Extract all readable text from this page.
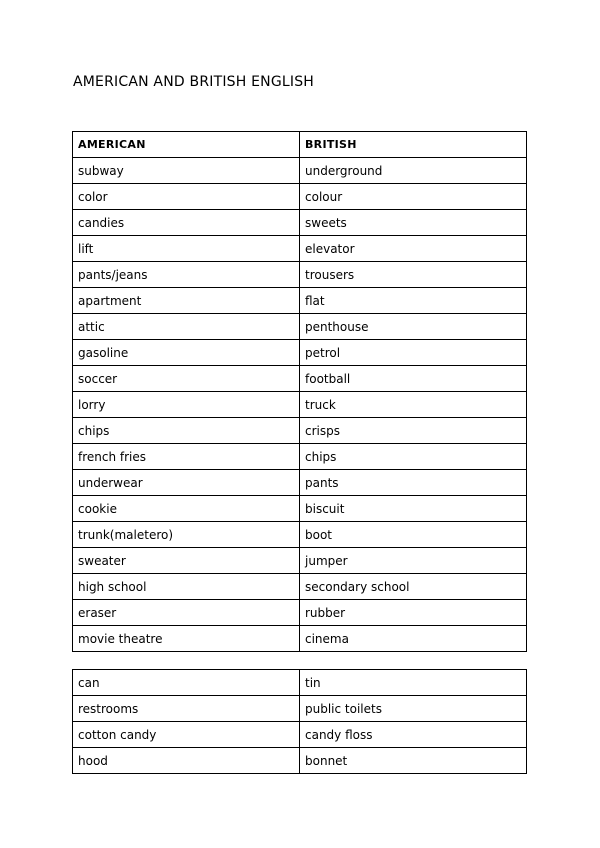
AMERICAN AND BRITISH ENGLISH
AMERICAN	BRITISH
subway	underground
color	colour
candies	sweets
lift	elevator
pants/jeans	trousers
apartment	flat
attic	penthouse
gasoline	petrol
soccer	football
lorry	truck
chips	crisps
french fries	chips
underwear	pants
cookie	biscuit
trunk(maletero)	boot
sweater	jumper
high school	secondary school
eraser	rubber
movie theatre	cinema
can	tin
restrooms	public toilets
cotton candy	candy floss
hood	bonnet
